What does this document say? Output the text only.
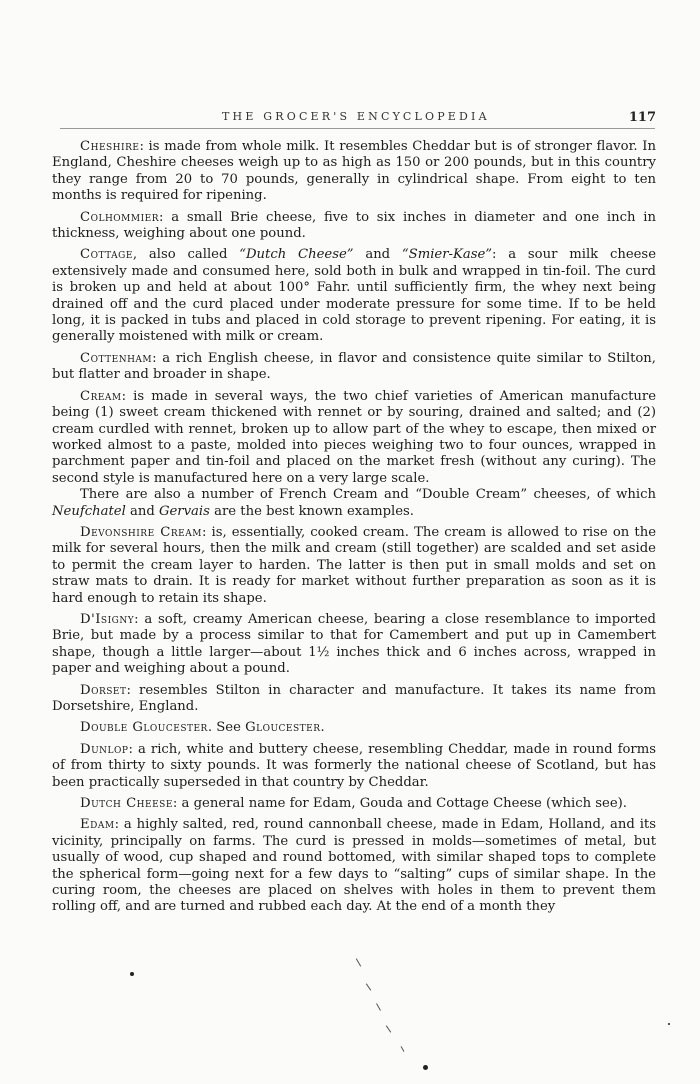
THE GROCER'S ENCYCLOPEDIA	117

Cheshire: is made from whole milk. It resembles Cheddar but is of stronger flavor. In England, Cheshire cheeses weigh up to as high as 150 or 200 pounds, but in this country they range from 20 to 70 pounds, generally in cylindrical shape. From eight to ten months is required for ripening.

Colhommier: a small Brie cheese, five to six inches in diameter and one inch in thickness, weighing about one pound.

Cottage, also called “Dutch Cheese” and “Smier-Kase”: a sour milk cheese extensively made and consumed here, sold both in bulk and wrapped in tin-foil. The curd is broken up and held at about 100° Fahr. until sufficiently firm, the whey next being drained off and the curd placed under moderate pressure for some time. If to be held long, it is packed in tubs and placed in cold storage to prevent ripening. For eating, it is generally moistened with milk or cream.

Cottenham: a rich English cheese, in flavor and consistence quite similar to Stilton, but flatter and broader in shape.

Cream: is made in several ways, the two chief varieties of American manufacture being (1) sweet cream thickened with rennet or by souring, drained and salted; and (2) cream curdled with rennet, broken up to allow part of the whey to escape, then mixed or worked almost to a paste, molded into pieces weighing two to four ounces, wrapped in parchment paper and tin-foil and placed on the market fresh (without any curing). The second style is manufactured here on a very large scale.

There are also a number of French Cream and “Double Cream” cheeses, of which Neufchatel and Gervais are the best known examples.

Devonshire Cream: is, essentially, cooked cream. The cream is allowed to rise on the milk for several hours, then the milk and cream (still together) are scalded and set aside to permit the cream layer to harden. The latter is then put in small molds and set on straw mats to drain. It is ready for market without further preparation as soon as it is hard enough to retain its shape.

D'Isigny: a soft, creamy American cheese, bearing a close resemblance to imported Brie, but made by a process similar to that for Camembert and put up in Camembert shape, though a little larger—about 1½ inches thick and 6 inches across, wrapped in paper and weighing about a pound.

Dorset: resembles Stilton in character and manufacture. It takes its name from Dorsetshire, England.

Double Gloucester. See Gloucester.

Dunlop: a rich, white and buttery cheese, resembling Cheddar, made in round forms of from thirty to sixty pounds. It was formerly the national cheese of Scotland, but has been practically superseded in that country by Cheddar.

Dutch Cheese: a general name for Edam, Gouda and Cottage Cheese (which see).

Edam: a highly salted, red, round cannonball cheese, made in Edam, Holland, and its vicinity, principally on farms. The curd is pressed in molds—sometimes of metal, but usually of wood, cup shaped and round bottomed, with similar shaped tops to complete the spherical form—going next for a few days to “salting” cups of similar shape. In the curing room, the cheeses are placed on shelves with holes in them to prevent them rolling off, and are turned and rubbed each day. At the end of a month they
